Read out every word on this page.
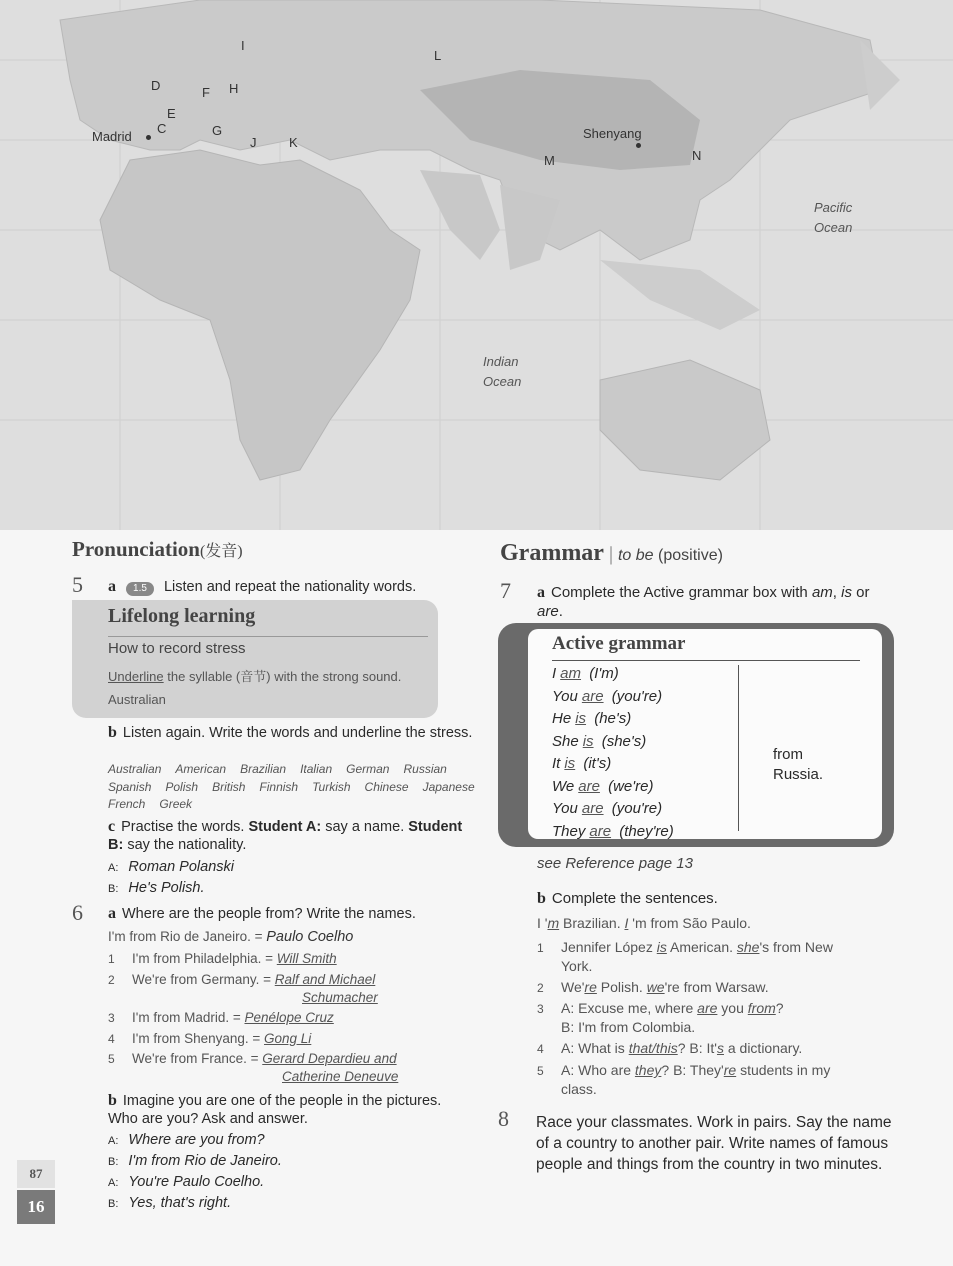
Madrid	Shenyang
I
L
D	F H
E
C	G
J	K
M	N
Pacific Ocean
Indian Ocean
Pronunciation(发音)
5 a 1.5 Listen and repeat the nationality words.
Lifelong learning
How to record stress
Underline the syllable (音节) with the strong sound.
Australian
b Listen again. Write the words and underline the stress.
Australian American Brazilian Italian German Russian
Spanish Polish British Finnish Turkish Chinese Japanese
French Greek
c Practise the words. Student A: say a name. Student B: say the nationality.
A: Roman Polanski
B: He's Polish.
6 a Where are the people from? Write the names.
I'm from Rio de Janeiro. = Paulo Coelho
1 I'm from Philadelphia. = Will Smith
2 We're from Germany. = Ralf and Michael
Schumacher
3 I'm from Madrid. = Penélope Cruz
4 I'm from Shenyang. = Gong Li
5 We're from France. = Gerard Depardieu and
Catherine Deneuve
b Imagine you are one of the people in the pictures. Who are you? Ask and answer.
A: Where are you from?
B: I'm from Rio de Janeiro.
A: You're Paulo Coelho.
B: Yes, that's right.
87
16
Grammar | to be (positive)
7 a Complete the Active grammar box with am, is or are.
Active grammar
I am (I'm)
You are (you're)
He is (he's)
She is (she's)
It is (it's)
We are (we're)
You are (you're)
They are (they're)
from
Russia.
see Reference page 13
b Complete the sentences.
I 'm Brazilian. I 'm from São Paulo.
1 Jennifer López is American. she's from New
York.
2 We're Polish. we're from Warsaw.
3 A: Excuse me, where are you from?
B: I'm from Colombia.
4 A: What is that/this? B: It's a dictionary.
5 A: Who are they? B: They're students in my
class.
8 Race your classmates. Work in pairs. Say the name of a country to another pair. Write names of famous people and things from the country in two minutes.
